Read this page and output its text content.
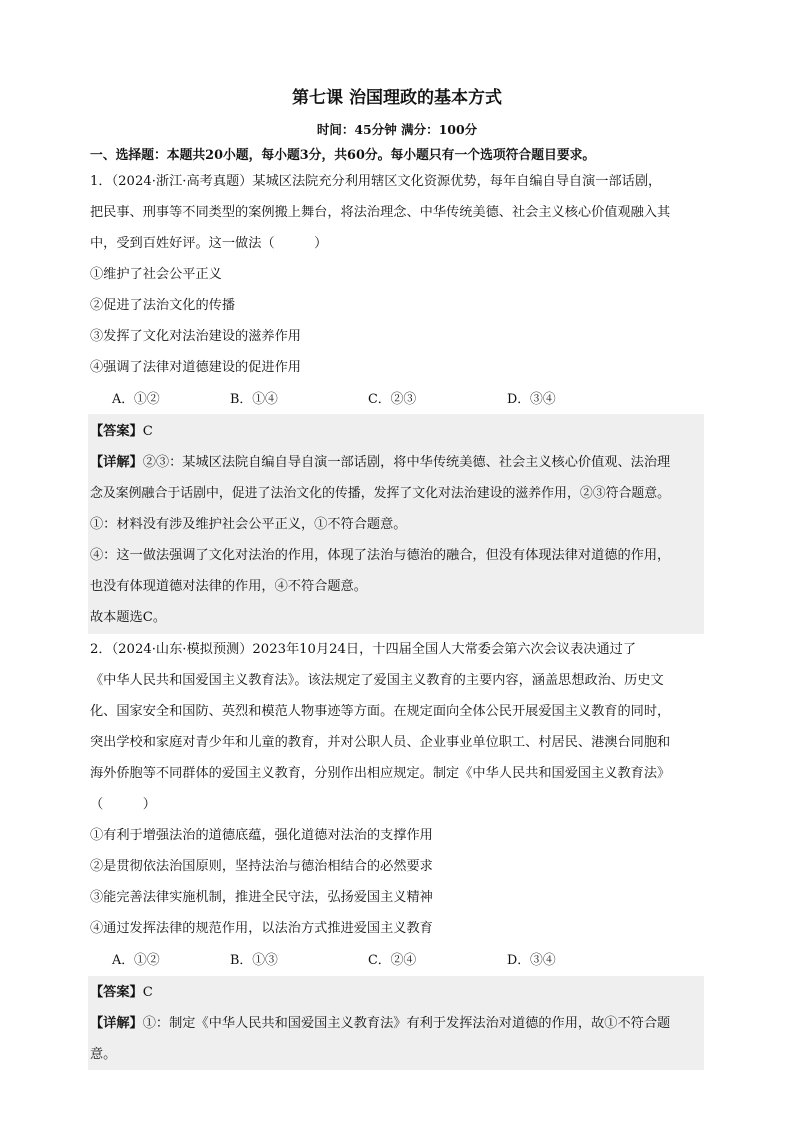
第七课 治国理政的基本方式
时间：45分钟 满分：100分
一、选择题：本题共20小题，每小题3分，共60分。每小题只有一个选项符合题目要求。
1．（2024·浙江·高考真题）某城区法院充分利用辖区文化资源优势，每年自编自导自演一部话剧，
把民事、刑事等不同类型的案例搬上舞台，将法治理念、中华传统美德、社会主义核心价值观融入其
中，受到百姓好评。这一做法（　　　）
①维护了社会公平正义
②促进了法治文化的传播
③发挥了文化对法治建设的滋养作用
④强调了法律对道德建设的促进作用
A．①②	B．①④	C．②③	D．③④
【答案】C
【详解】②③：某城区法院自编自导自演一部话剧，将中华传统美德、社会主义核心价值观、法治理
念及案例融合于话剧中，促进了法治文化的传播，发挥了文化对法治建设的滋养作用，②③符合题意。
①：材料没有涉及维护社会公平正义，①不符合题意。
④：这一做法强调了文化对法治的作用，体现了法治与德治的融合，但没有体现法律对道德的作用，
也没有体现道德对法律的作用，④不符合题意。
故本题选C。
2．（2024·山东·模拟预测）2023年10月24日，十四届全国人大常委会第六次会议表决通过了
《中华人民共和国爱国主义教育法》。该法规定了爱国主义教育的主要内容，涵盖思想政治、历史文
化、国家安全和国防、英烈和模范人物事迹等方面。在规定面向全体公民开展爱国主义教育的同时，
突出学校和家庭对青少年和儿童的教育，并对公职人员、企业事业单位职工、村居民、港澳台同胞和
海外侨胞等不同群体的爱国主义教育，分别作出相应规定。制定《中华人民共和国爱国主义教育法》
（　　　）
①有利于增强法治的道德底蕴，强化道德对法治的支撑作用
②是贯彻依法治国原则，坚持法治与德治相结合的必然要求
③能完善法律实施机制，推进全民守法，弘扬爱国主义精神
④通过发挥法律的规范作用，以法治方式推进爱国主义教育
A．①②	B．①③	C．②④	D．③④
【答案】C
【详解】①：制定《中华人民共和国爱国主义教育法》有利于发挥法治对道德的作用，故①不符合题
意。
